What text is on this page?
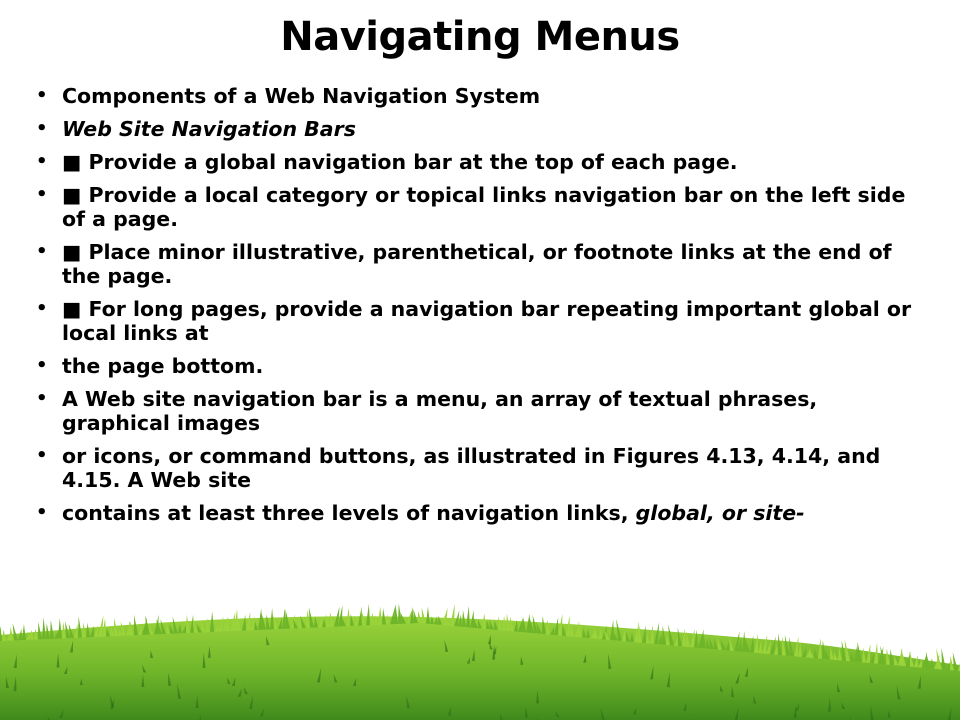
Navigating Menus
• Components of a Web Navigation System
• Web Site Navigation Bars
• ■ Provide a global navigation bar at the top of each page.
• ■ Provide a local category or topical links navigation bar on the left side of a page.
• ■ Place minor illustrative, parenthetical, or footnote links at the end of the page.
• ■ For long pages, provide a navigation bar repeating important global or local links at
• the page bottom.
• A Web site navigation bar is a menu, an array of textual phrases, graphical images
• or icons, or command buttons, as illustrated in Figures 4.13, 4.14, and 4.15. A Web site
• contains at least three levels of navigation links, global, or site-
